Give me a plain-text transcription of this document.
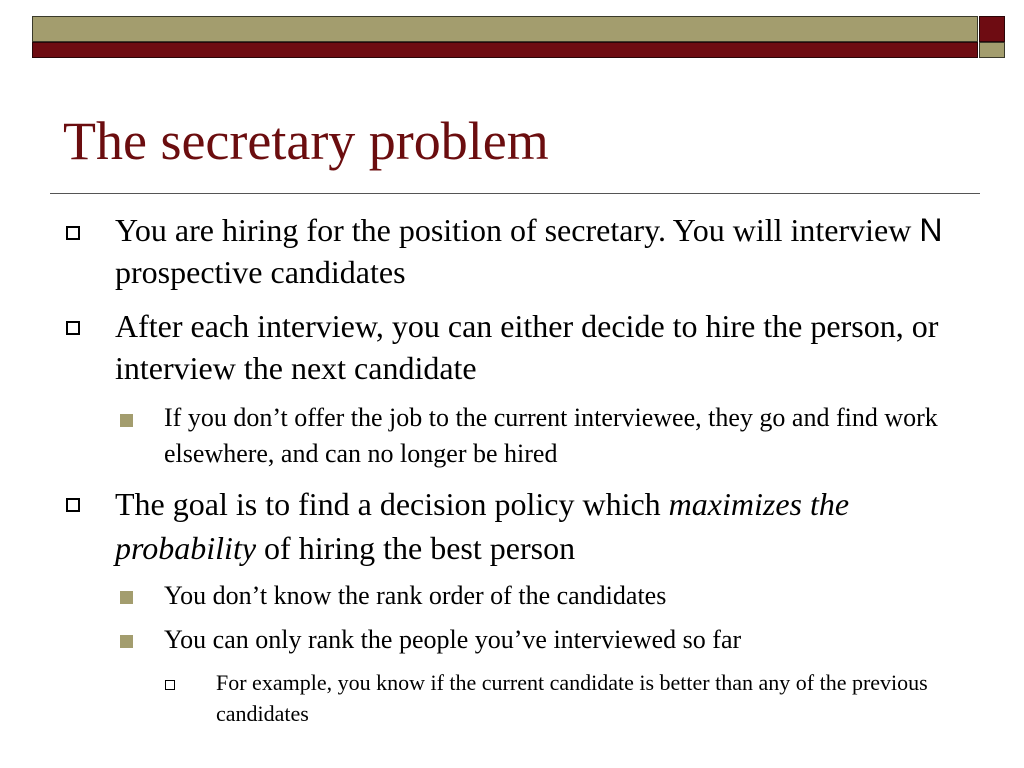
The secretary problem

You are hiring for the position of secretary. You will interview N prospective candidates

After each interview, you can either decide to hire the person, or interview the next candidate

If you don’t offer the job to the current interviewee, they go and find work elsewhere, and can no longer be hired

The goal is to find a decision policy which maximizes the probability of hiring the best person

You don’t know the rank order of the candidates

You can only rank the people you’ve interviewed so far

For example, you know if the current candidate is better than any of the previous candidates
